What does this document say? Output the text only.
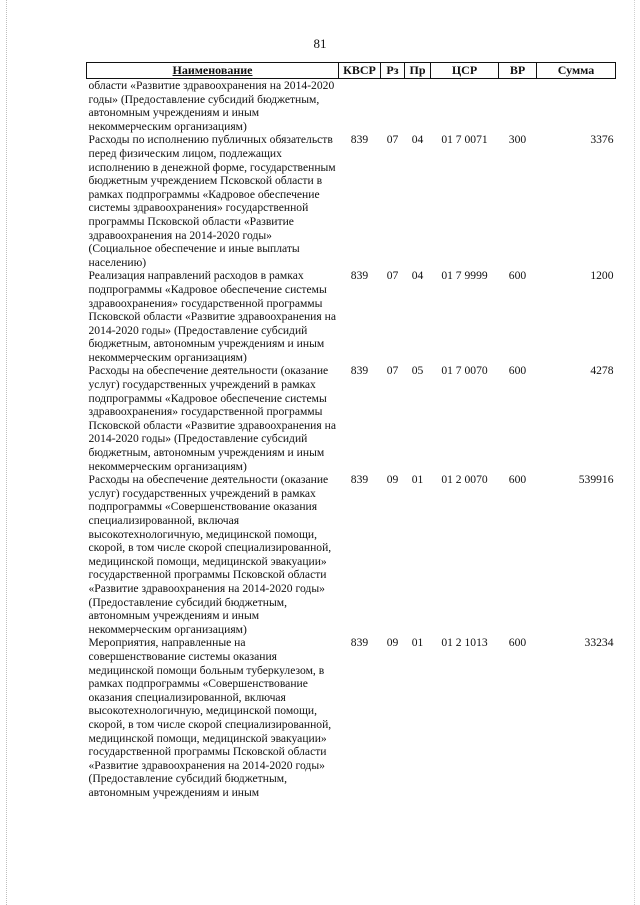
81
Наименование	КВСР	Рз	Пр	ЦСР	ВР	Сумма
области «Развитие здравоохранения на 2014-2020 годы» (Предоставление субсидий бюджетным, автономным учреждениям и иным некоммерческим организациям)						
Расходы по исполнению публичных обязательств перед физическим лицом, подлежащих исполнению в денежной форме, государственным бюджетным учреждением Псковской области в рамках подпрограммы «Кадровое обеспечение системы здравоохранения» государственной программы Псковской области «Развитие здравоохранения на 2014-2020 годы» (Социальное обеспечение и иные выплаты населению)	839	07	04	01 7 0071	300	3376
Реализация направлений расходов в рамках подпрограммы «Кадровое обеспечение системы здравоохранения» государственной программы Псковской области «Развитие здравоохранения на 2014-2020 годы» (Предоставление субсидий бюджетным, автономным учреждениям и иным некоммерческим организациям)	839	07	04	01 7 9999	600	1200
Расходы на обеспечение деятельности (оказание услуг) государственных учреждений в рамках подпрограммы «Кадровое обеспечение системы здравоохранения» государственной программы Псковской области «Развитие здравоохранения на 2014-2020 годы» (Предоставление субсидий бюджетным, автономным учреждениям и иным некоммерческим организациям)	839	07	05	01 7 0070	600	4278
Расходы на обеспечение деятельности (оказание услуг) государственных учреждений в рамках подпрограммы «Совершенствование оказания специализированной, включая высокотехнологичную, медицинской помощи, скорой, в том числе скорой специализированной, медицинской помощи, медицинской эвакуации» государственной программы Псковской области «Развитие здравоохранения на 2014-2020 годы» (Предоставление субсидий бюджетным, автономным учреждениям и иным некоммерческим организациям)	839	09	01	01 2 0070	600	539916
Мероприятия, направленные на совершенствование системы оказания медицинской помощи больным туберкулезом, в рамках подпрограммы «Совершенствование оказания специализированной, включая высокотехнологичную, медицинской помощи, скорой, в том числе скорой специализированной, медицинской помощи, медицинской эвакуации» государственной программы Псковской области «Развитие здравоохранения на 2014-2020 годы» (Предоставление субсидий бюджетным, автономным учреждениям и иным	839	09	01	01 2 1013	600	33234
